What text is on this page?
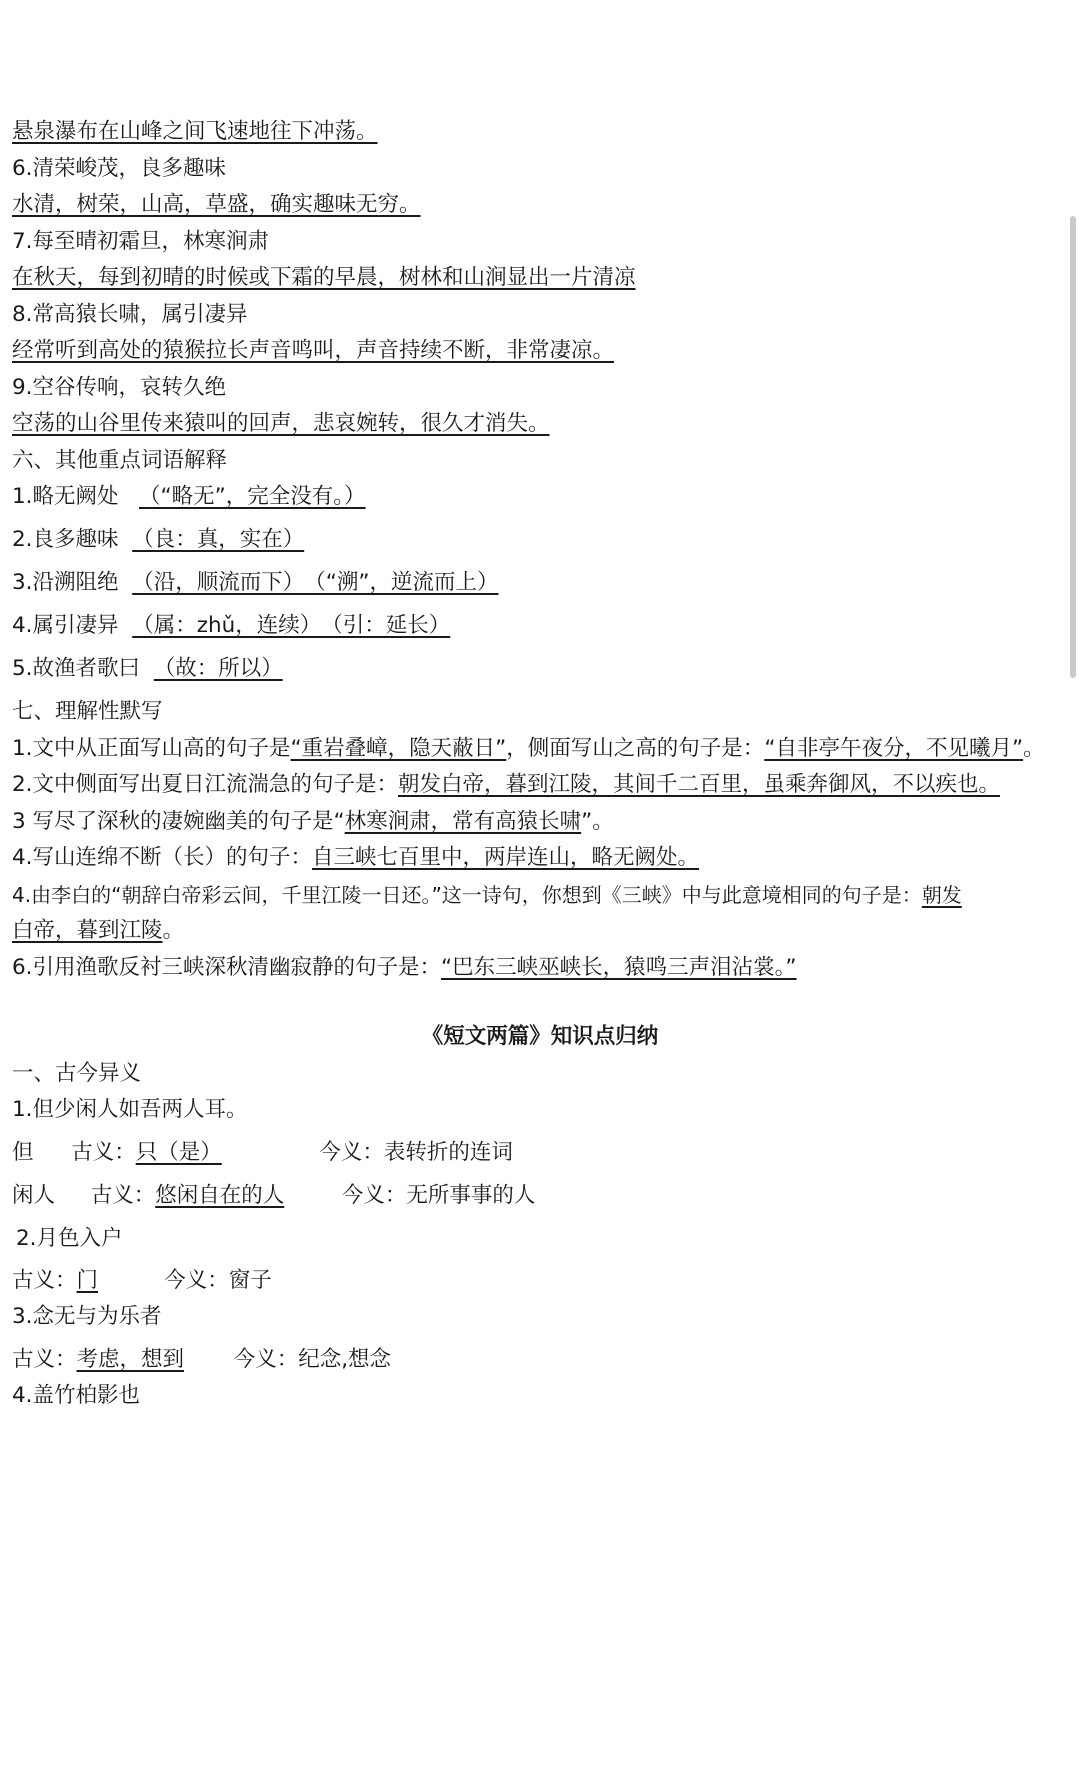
悬泉瀑布在山峰之间飞速地往下冲荡。
6.清荣峻茂，良多趣味
水清，树荣，山高，草盛，确实趣味无穷。
7.每至晴初霜旦，林寒涧肃
在秋天，每到初晴的时候或下霜的早晨，树林和山涧显出一片清凉
8.常高猿长啸，属引凄异
经常听到高处的猿猴拉长声音鸣叫，声音持续不断，非常凄凉。
9.空谷传响，哀转久绝
空荡的山谷里传来猿叫的回声，悲哀婉转，很久才消失。
六、其他重点词语解释
1.略无阙处 （“略无”，完全没有。）
2.良多趣味 （良：真，实在）
3.沿溯阻绝 （沿，顺流而下）　（“溯”，逆流而上）
4.属引凄异 （属：zhǔ，连续）　（引：延长）
5.故渔者歌曰 （故：所以）
七、理解性默写
1.文中从正面写山高的句子是“重岩叠嶂，隐天蔽日”，侧面写山之高的句子是：“自非亭午夜分，不见曦月”。
2.文中侧面写出夏日江流湍急的句子是：朝发白帝，暮到江陵，其间千二百里，虽乘奔御风，不以疾也。
3 写尽了深秋的凄婉幽美的句子是“林寒涧肃，常有高猿长啸”。
4.写山连绵不断（长）的句子：自三峡七百里中，两岸连山，略无阙处。
4.由李白的“朝辞白帝彩云间，千里江陵一日还。”这一诗句，你想到《三峡》中与此意境相同的句子是：朝发
白帝，暮到江陵。
6.引用渔歌反衬三峡深秋清幽寂静的句子是：“巴东三峡巫峡长，猿鸣三声泪沾裳。”
《短文两篇》知识点归纳
一、古今异义
1.但少闲人如吾两人耳。
但 古义：只（是）	今义：表转折的连词
闲人 古义：悠闲自在的人	今义：无所事事的人
2.月色入户
古义：门	今义：窗子
3.念无与为乐者
古义：考虑，想到 今义：纪念,想念
4.盖竹柏影也
